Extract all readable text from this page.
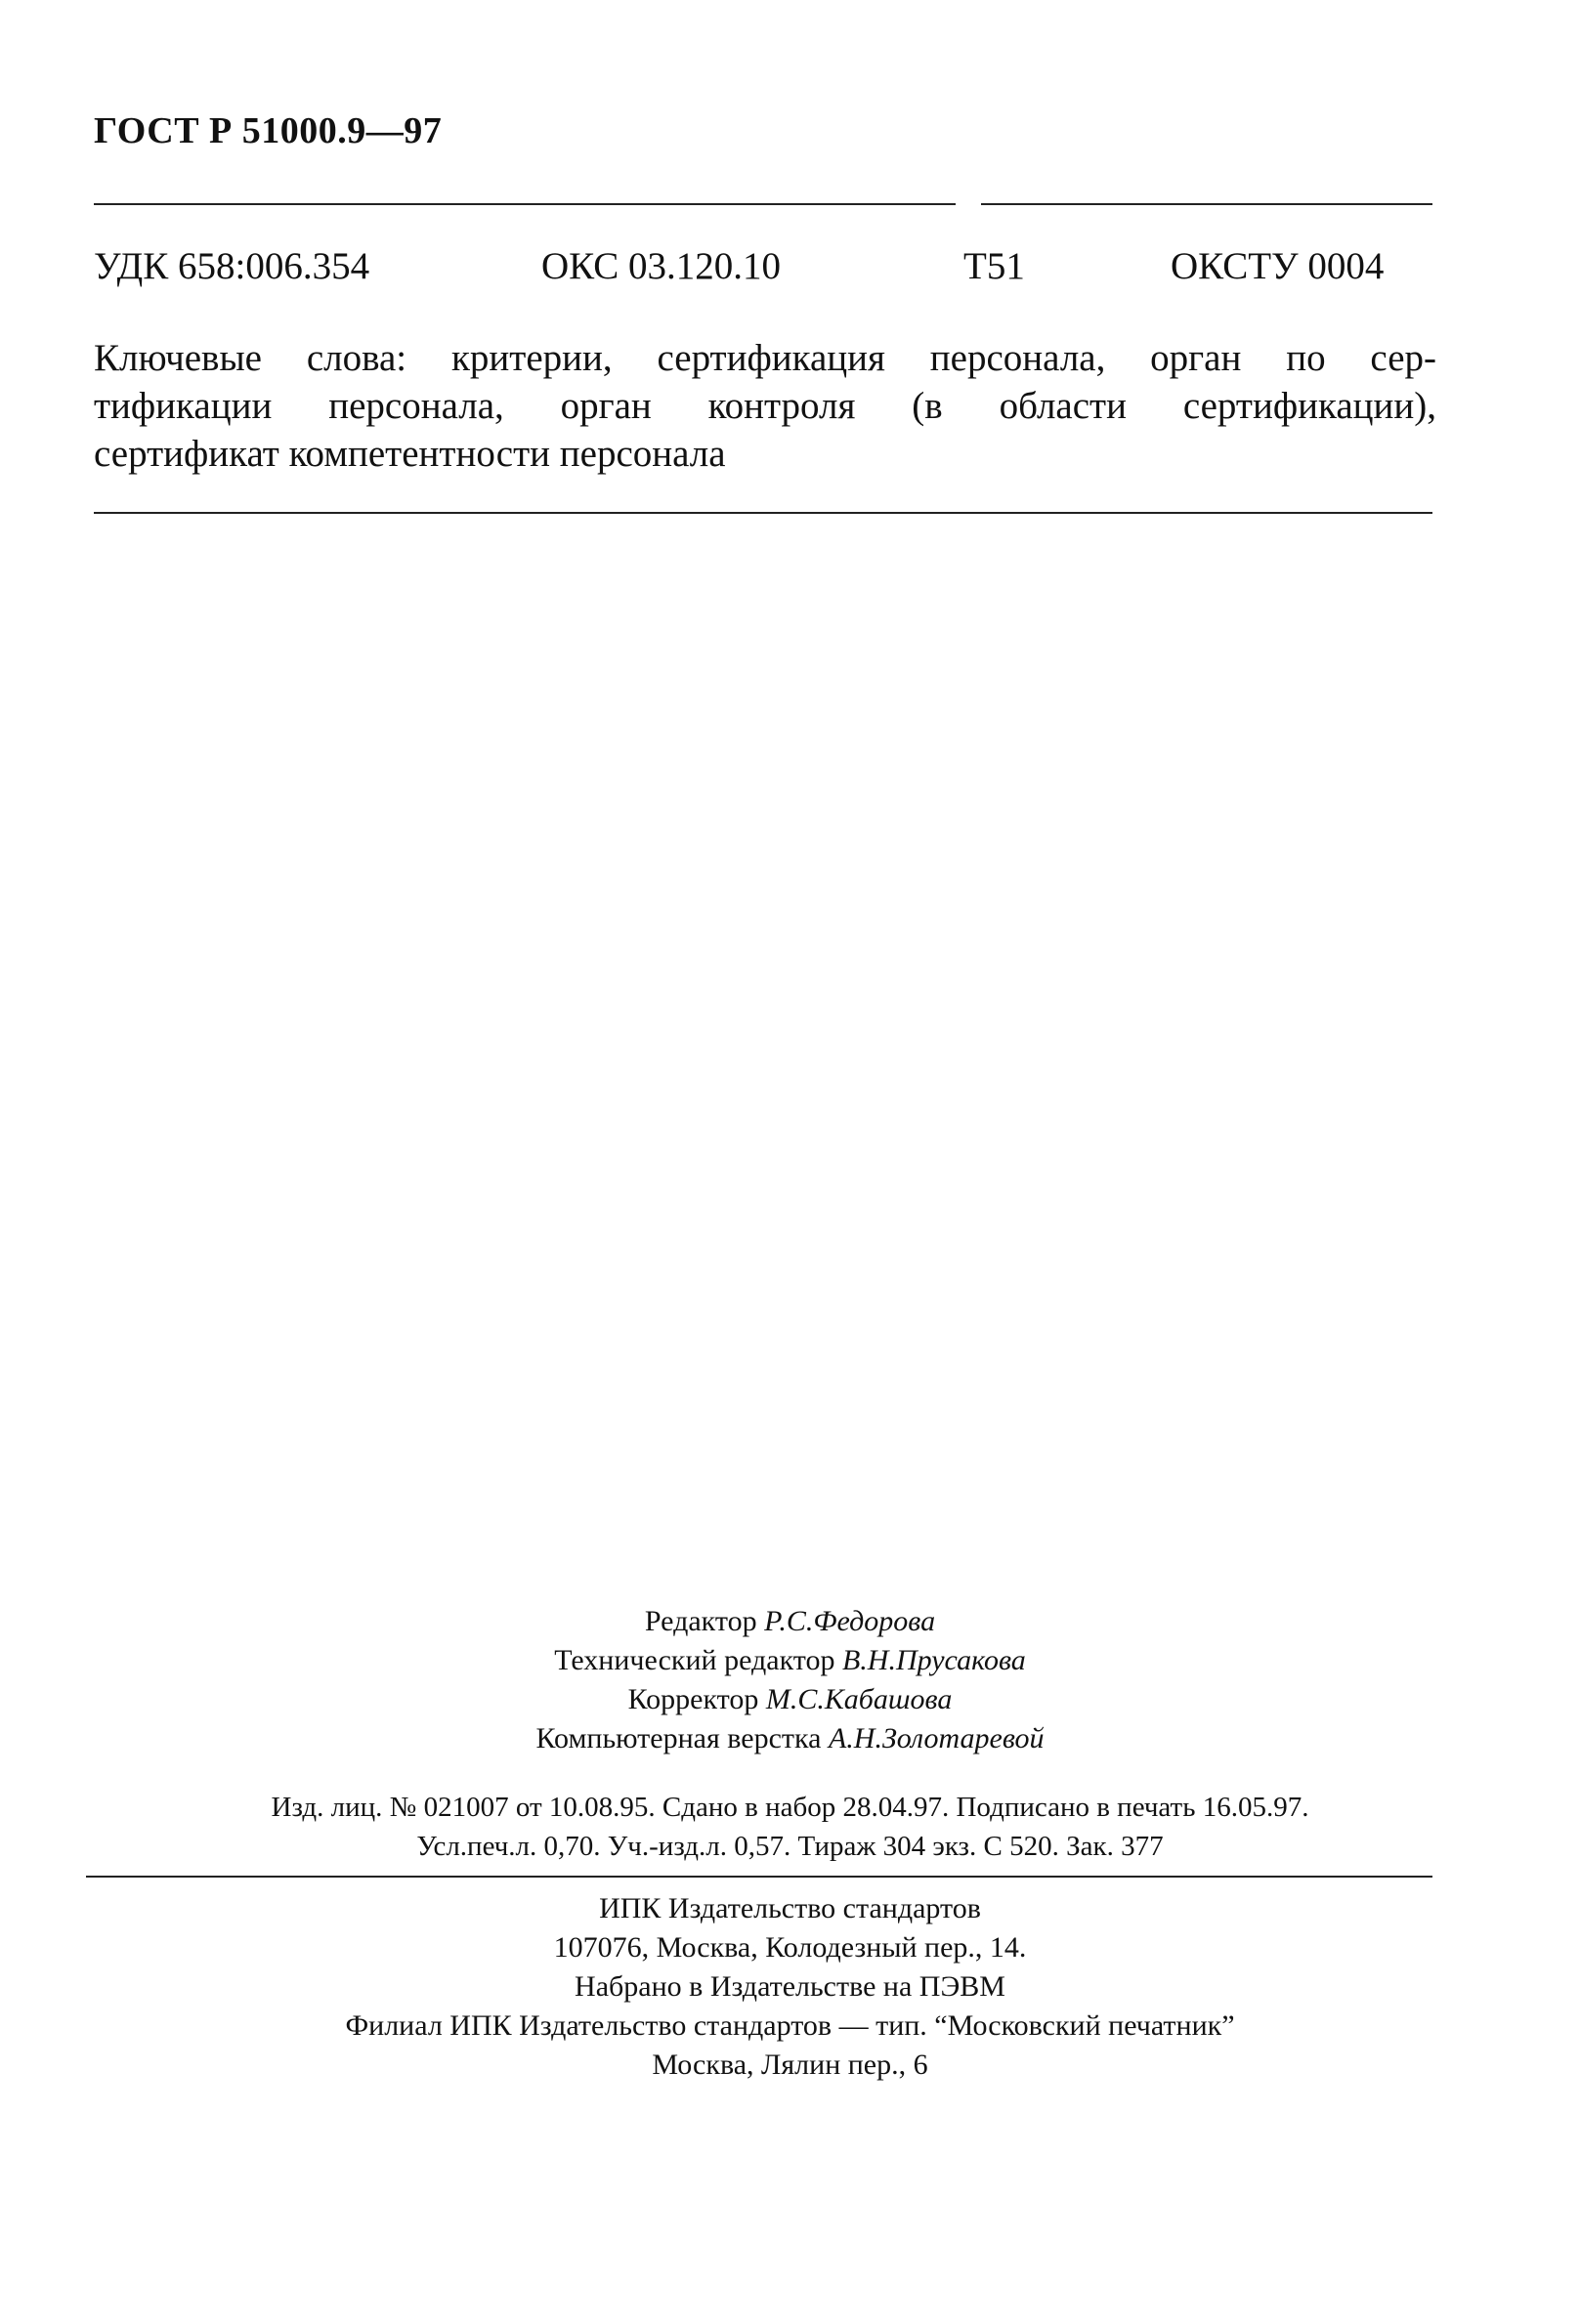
ГОСТ Р 51000.9—97
УДК 658:006.354	ОКС 03.120.10	Т51	ОКСТУ 0004
Ключевые слова: критерии, сертификация персонала, орган по сер-
тификации персонала, орган контроля (в области сертификации),
сертификат компетентности персонала
Редактор Р.С.Федорова
Технический редактор В.Н.Прусакова
Корректор М.С.Кабашова
Компьютерная верстка А.Н.Золотаревой
Изд. лиц. № 021007 от 10.08.95. Сдано в набор 28.04.97. Подписано в печать 16.05.97.
Усл.печ.л. 0,70. Уч.-изд.л. 0,57. Тираж 304 экз. С 520. Зак. 377
ИПК Издательство стандартов
107076, Москва, Колодезный пер., 14.
Набрано в Издательстве на ПЭВМ
Филиал ИПК Издательство стандартов — тип. “Московский печатник”
Москва, Лялин пер., 6
